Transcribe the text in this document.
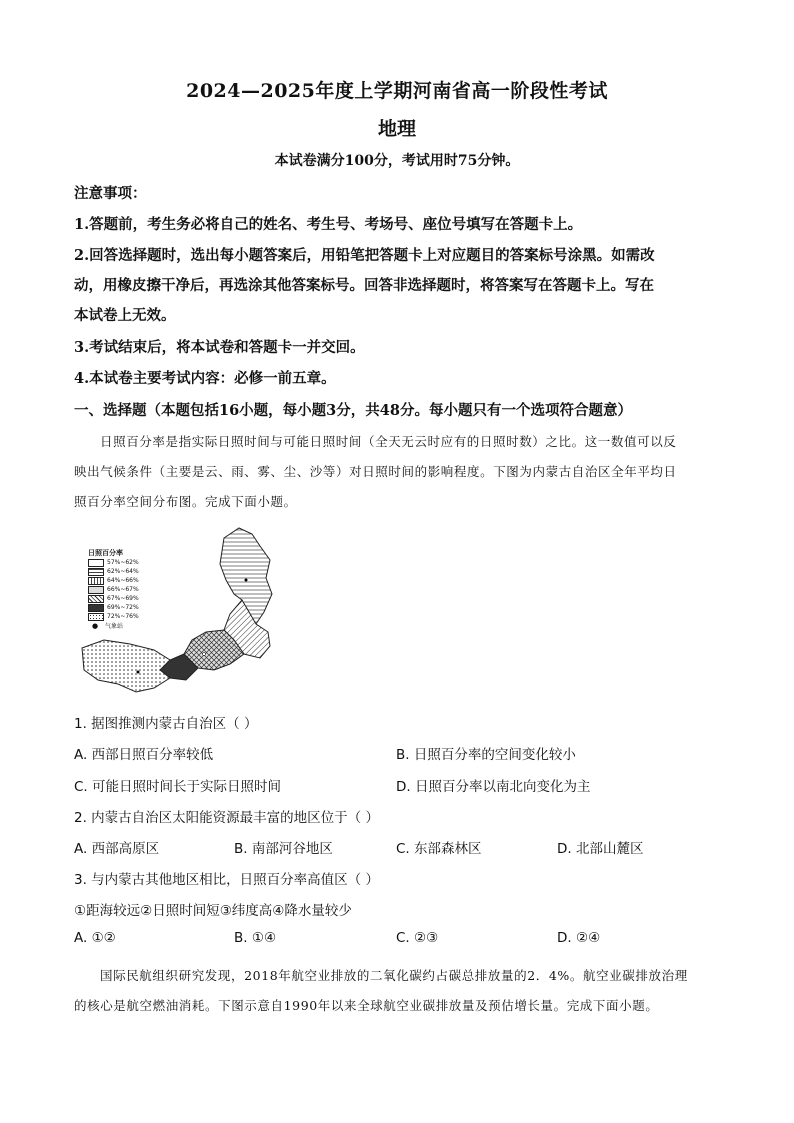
2024—2025年度上学期河南省高一阶段性考试
地理
本试卷满分100分，考试用时75分钟。
注意事项：
1.答题前，考生务必将自己的姓名、考生号、考场号、座位号填写在答题卡上。
2.回答选择题时，选出每小题答案后，用铅笔把答题卡上对应题目的答案标号涂黑。如需改
动，用橡皮擦干净后，再选涂其他答案标号。回答非选择题时，将答案写在答题卡上。写在
本试卷上无效。
3.考试结束后，将本试卷和答题卡一并交回。
4.本试卷主要考试内容：必修一前五章。
一、选择题（本题包括16小题，每小题3分，共48分。每小题只有一个选项符合题意）
日照百分率是指实际日照时间与可能日照时间（全天无云时应有的日照时数）之比。这一数值可以反
映出气候条件（主要是云、雨、雾、尘、沙等）对日照时间的影响程度。下图为内蒙古自治区全年平均日
照百分率空间分布图。完成下面小题。
日照百分率
57%~62%
62%~64%
64%~66%
66%~67%
67%~69%
69%~72%
72%~76%
●	气象站
1. 据图推测内蒙古自治区（ ）
A. 西部日照百分率较低	B. 日照百分率的空间变化较小
C. 可能日照时间长于实际日照时间	D. 日照百分率以南北向变化为主
2. 内蒙古自治区太阳能资源最丰富的地区位于（ ）
A. 西部高原区	B. 南部河谷地区	C. 东部森林区	D. 北部山麓区
3. 与内蒙古其他地区相比，日照百分率高值区（ ）
①距海较远②日照时间短③纬度高④降水量较少
A. ①②	B. ①④	C. ②③	D. ②④
国际民航组织研究发现，2018年航空业排放的二氧化碳约占碳总排放量的2．4%。航空业碳排放治理
的核心是航空燃油消耗。下图示意自1990年以来全球航空业碳排放量及预估增长量。完成下面小题。
